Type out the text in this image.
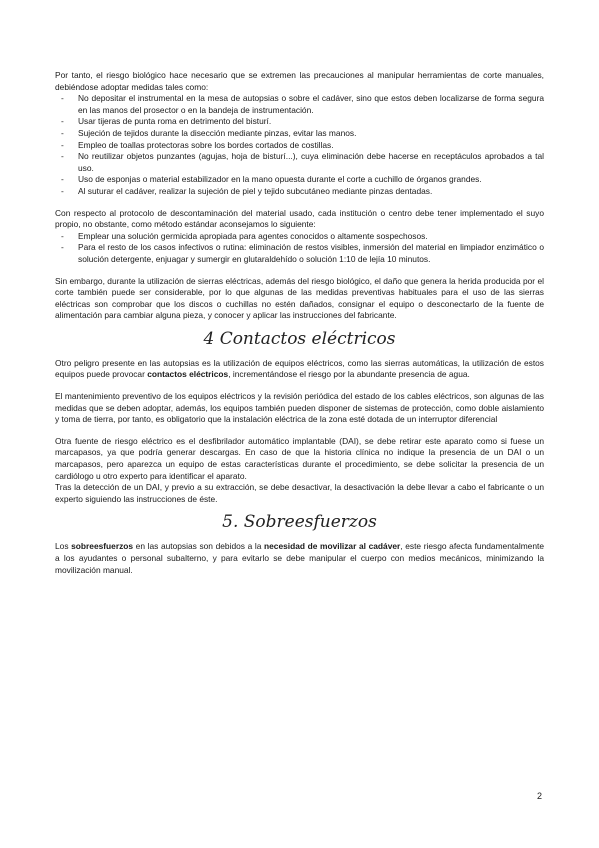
Por tanto, el riesgo biológico hace necesario que se extremen las precauciones al manipular herramientas de corte manuales, debiéndose adoptar medidas tales como:

- No depositar el instrumental en la mesa de autopsias o sobre el cadáver, sino que estos deben localizarse de forma segura en las manos del prosector o en la bandeja de instrumentación.
- Usar tijeras de punta roma en detrimento del bisturí.
- Sujeción de tejidos durante la disección mediante pinzas, evitar las manos.
- Empleo de toallas protectoras sobre los bordes cortados de costillas.
- No reutilizar objetos punzantes (agujas, hoja de bisturí...), cuya eliminación debe hacerse en receptáculos aprobados a tal uso.
- Uso de esponjas o material estabilizador en la mano opuesta durante el corte a cuchillo de órganos grandes.
- Al suturar el cadáver, realizar la sujeción de piel y tejido subcutáneo mediante pinzas dentadas.

Con respecto al protocolo de descontaminación del material usado, cada institución o centro debe tener implementado el suyo propio, no obstante, como método estándar aconsejamos lo siguiente:

- Emplear una solución germicida apropiada para agentes conocidos o altamente sospechosos.
- Para el resto de los casos infectivos o rutina: eliminación de restos visibles, inmersión del material en limpiador enzimático o solución detergente, enjuagar y sumergir en glutaraldehído o solución 1:10 de lejía 10 minutos.

Sin embargo, durante la utilización de sierras eléctricas, además del riesgo biológico, el daño que genera la herida producida por el corte también puede ser considerable, por lo que algunas de las medidas preventivas habituales para el uso de las sierras eléctricas son comprobar que los discos o cuchillas no estén dañados, consignar el equipo o desconectarlo de la fuente de alimentación para cambiar alguna pieza, y conocer y aplicar las instrucciones del fabricante.

4 Contactos eléctricos

Otro peligro presente en las autopsias es la utilización de equipos eléctricos, como las sierras automáticas, la utilización de estos equipos puede provocar contactos eléctricos, incrementándose el riesgo por la abundante presencia de agua.

El mantenimiento preventivo de los equipos eléctricos y la revisión periódica del estado de los cables eléctricos, son algunas de las medidas que se deben adoptar, además, los equipos también pueden disponer de sistemas de protección, como doble aislamiento y toma de tierra, por tanto, es obligatorio que la instalación eléctrica de la zona esté dotada de un interruptor diferencial

Otra fuente de riesgo eléctrico es el desfibrilador automático implantable (DAI), se debe retirar este aparato como si fuese un marcapasos, ya que podría generar descargas. En caso de que la historia clínica no indique la presencia de un DAI o un marcapasos, pero aparezca un equipo de estas características durante el procedimiento, se debe solicitar la presencia de un cardiólogo u otro experto para identificar el aparato.

Tras la detección de un DAI, y previo a su extracción, se debe desactivar, la desactivación la debe llevar a cabo el fabricante o un experto siguiendo las instrucciones de éste.

5. Sobreesfuerzos

Los sobreesfuerzos en las autopsias son debidos a la necesidad de movilizar al cadáver, este riesgo afecta fundamentalmente a los ayudantes o personal subalterno, y para evitarlo se debe manipular el cuerpo con medios mecánicos, minimizando la movilización manual.

2
